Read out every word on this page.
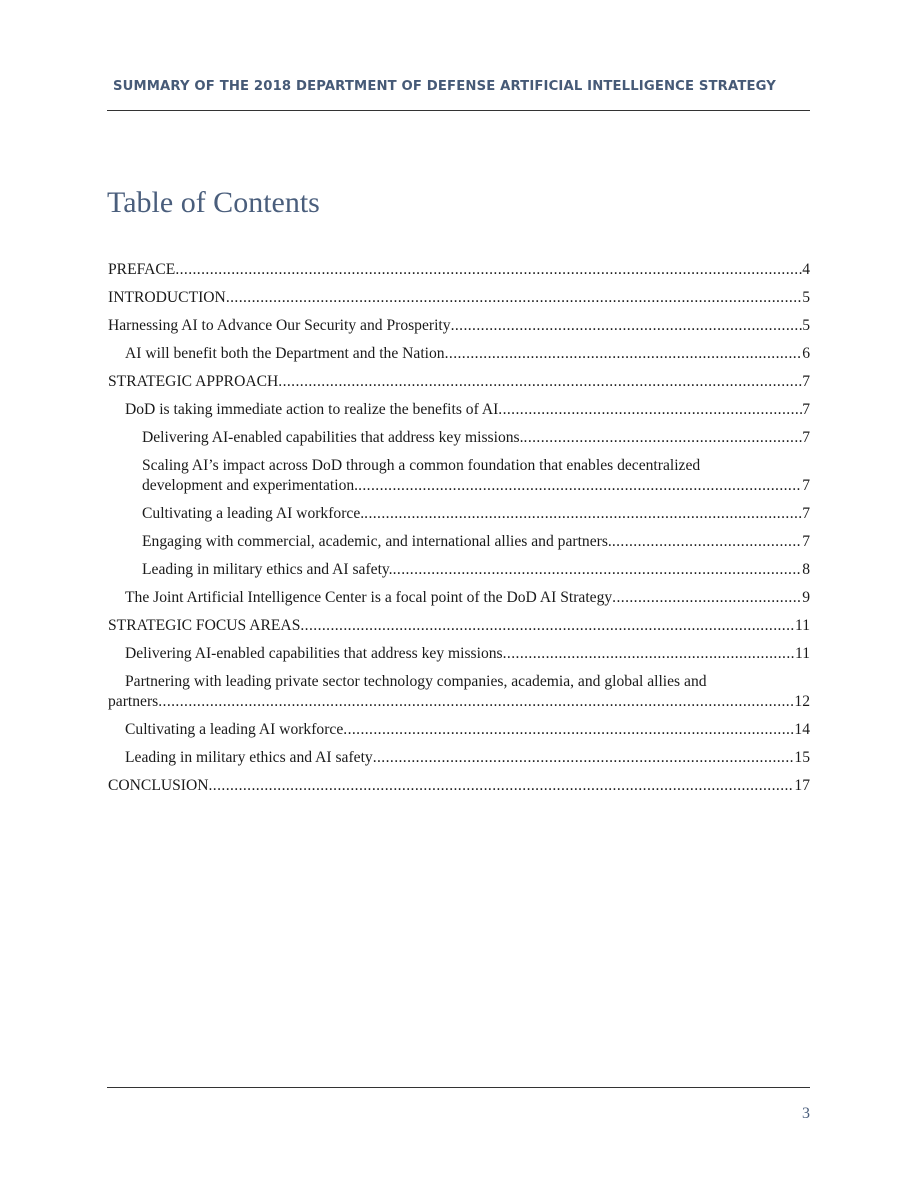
SUMMARY OF THE 2018 DEPARTMENT OF DEFENSE ARTIFICIAL INTELLIGENCE STRATEGY
Table of Contents
PREFACE .....	4
INTRODUCTION .....	5
Harnessing AI to Advance Our Security and Prosperity .....	5
AI will benefit both the Department and the Nation .....	6
STRATEGIC APPROACH .....	7
DoD is taking immediate action to realize the benefits of AI .....	7
Delivering AI-enabled capabilities that address key missions. .....	7
Scaling AI’s impact across DoD through a common foundation that enables decentralized
development and experimentation. .....	7
Cultivating a leading AI workforce. .....	7
Engaging with commercial, academic, and international allies and partners. .....	7
Leading in military ethics and AI safety. .....	8
The Joint Artificial Intelligence Center is a focal point of the DoD AI Strategy .....	9
STRATEGIC FOCUS AREAS .....	11
Delivering AI-enabled capabilities that address key missions .....	11
Partnering with leading private sector technology companies, academia, and global allies and
partners .....	12
Cultivating a leading AI workforce .....	14
Leading in military ethics and AI safety .....	15
CONCLUSION .....	17
3
